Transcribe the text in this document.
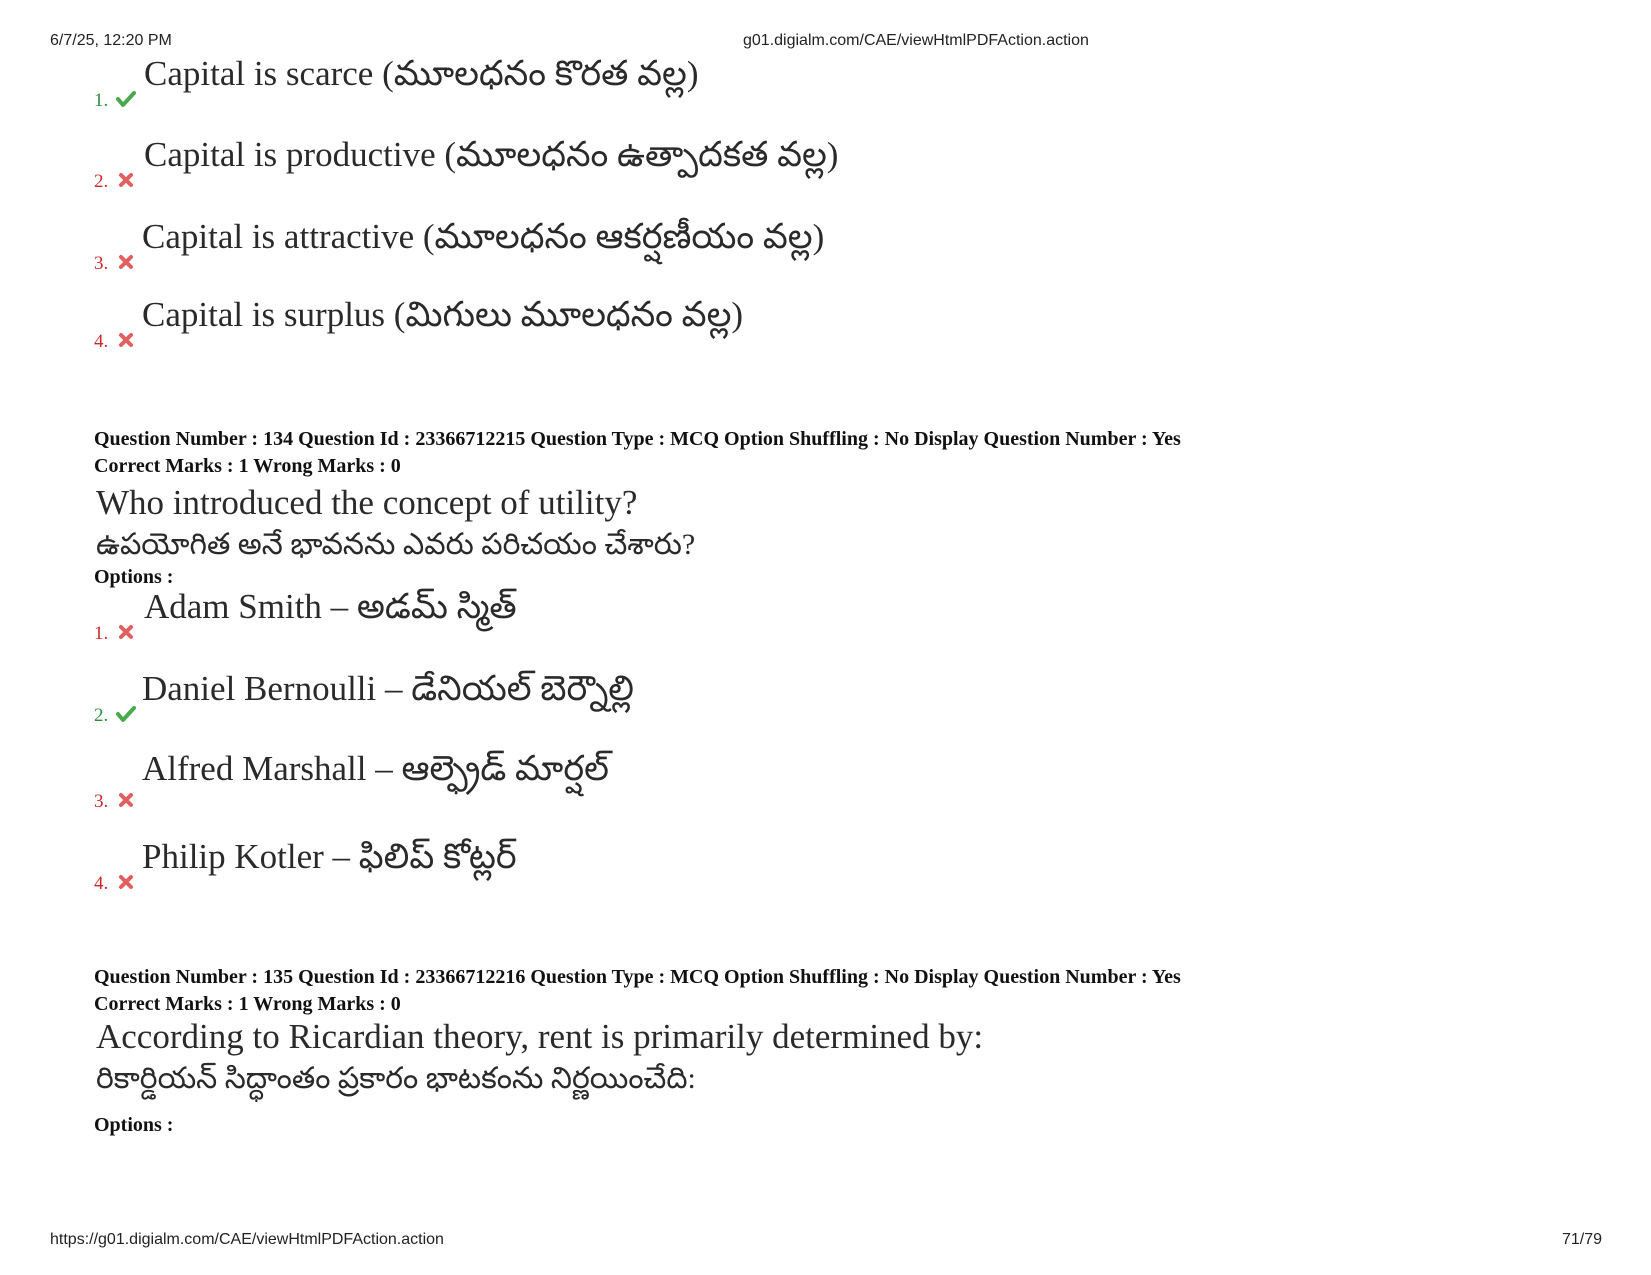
6/7/25, 12:20 PM	g01.digialm.com/CAE/viewHtmlPDFAction.action
https://g01.digialm.com/CAE/viewHtmlPDFAction.action	71/79
1.
Capital is scarce (మూలధనం కొరత వల్ల)
2.
Capital is productive (మూలధనం ఉత్పాదకత వల్ల)
3.
Capital is attractive (మూలధనం ఆకర్షణీయం వల్ల)
4.
Capital is surplus (మిగులు మూలధనం వల్ల)
Question Number : 134 Question Id : 23366712215 Question Type : MCQ Option Shuffling : No Display Question Number : Yes
Correct Marks : 1 Wrong Marks : 0
Who introduced the concept of utility?
ఉపయోగిత అనే భావనను ఎవరు పరిచయం చేశారు?
Options :
1.
Adam Smith – అడమ్ స్మిత్
2.
Daniel Bernoulli – డేనియల్ బెర్నౌల్లి
3.
Alfred Marshall – ఆల్ఫ్రెడ్ మార్షల్
4.
Philip Kotler – ఫిలిప్ కోట్లర్
Question Number : 135 Question Id : 23366712216 Question Type : MCQ Option Shuffling : No Display Question Number : Yes
Correct Marks : 1 Wrong Marks : 0
According to Ricardian theory, rent is primarily determined by:
రికార్డియన్ సిద్ధాంతం ప్రకారం భాటకంను నిర్ణయించేది:
Options :
